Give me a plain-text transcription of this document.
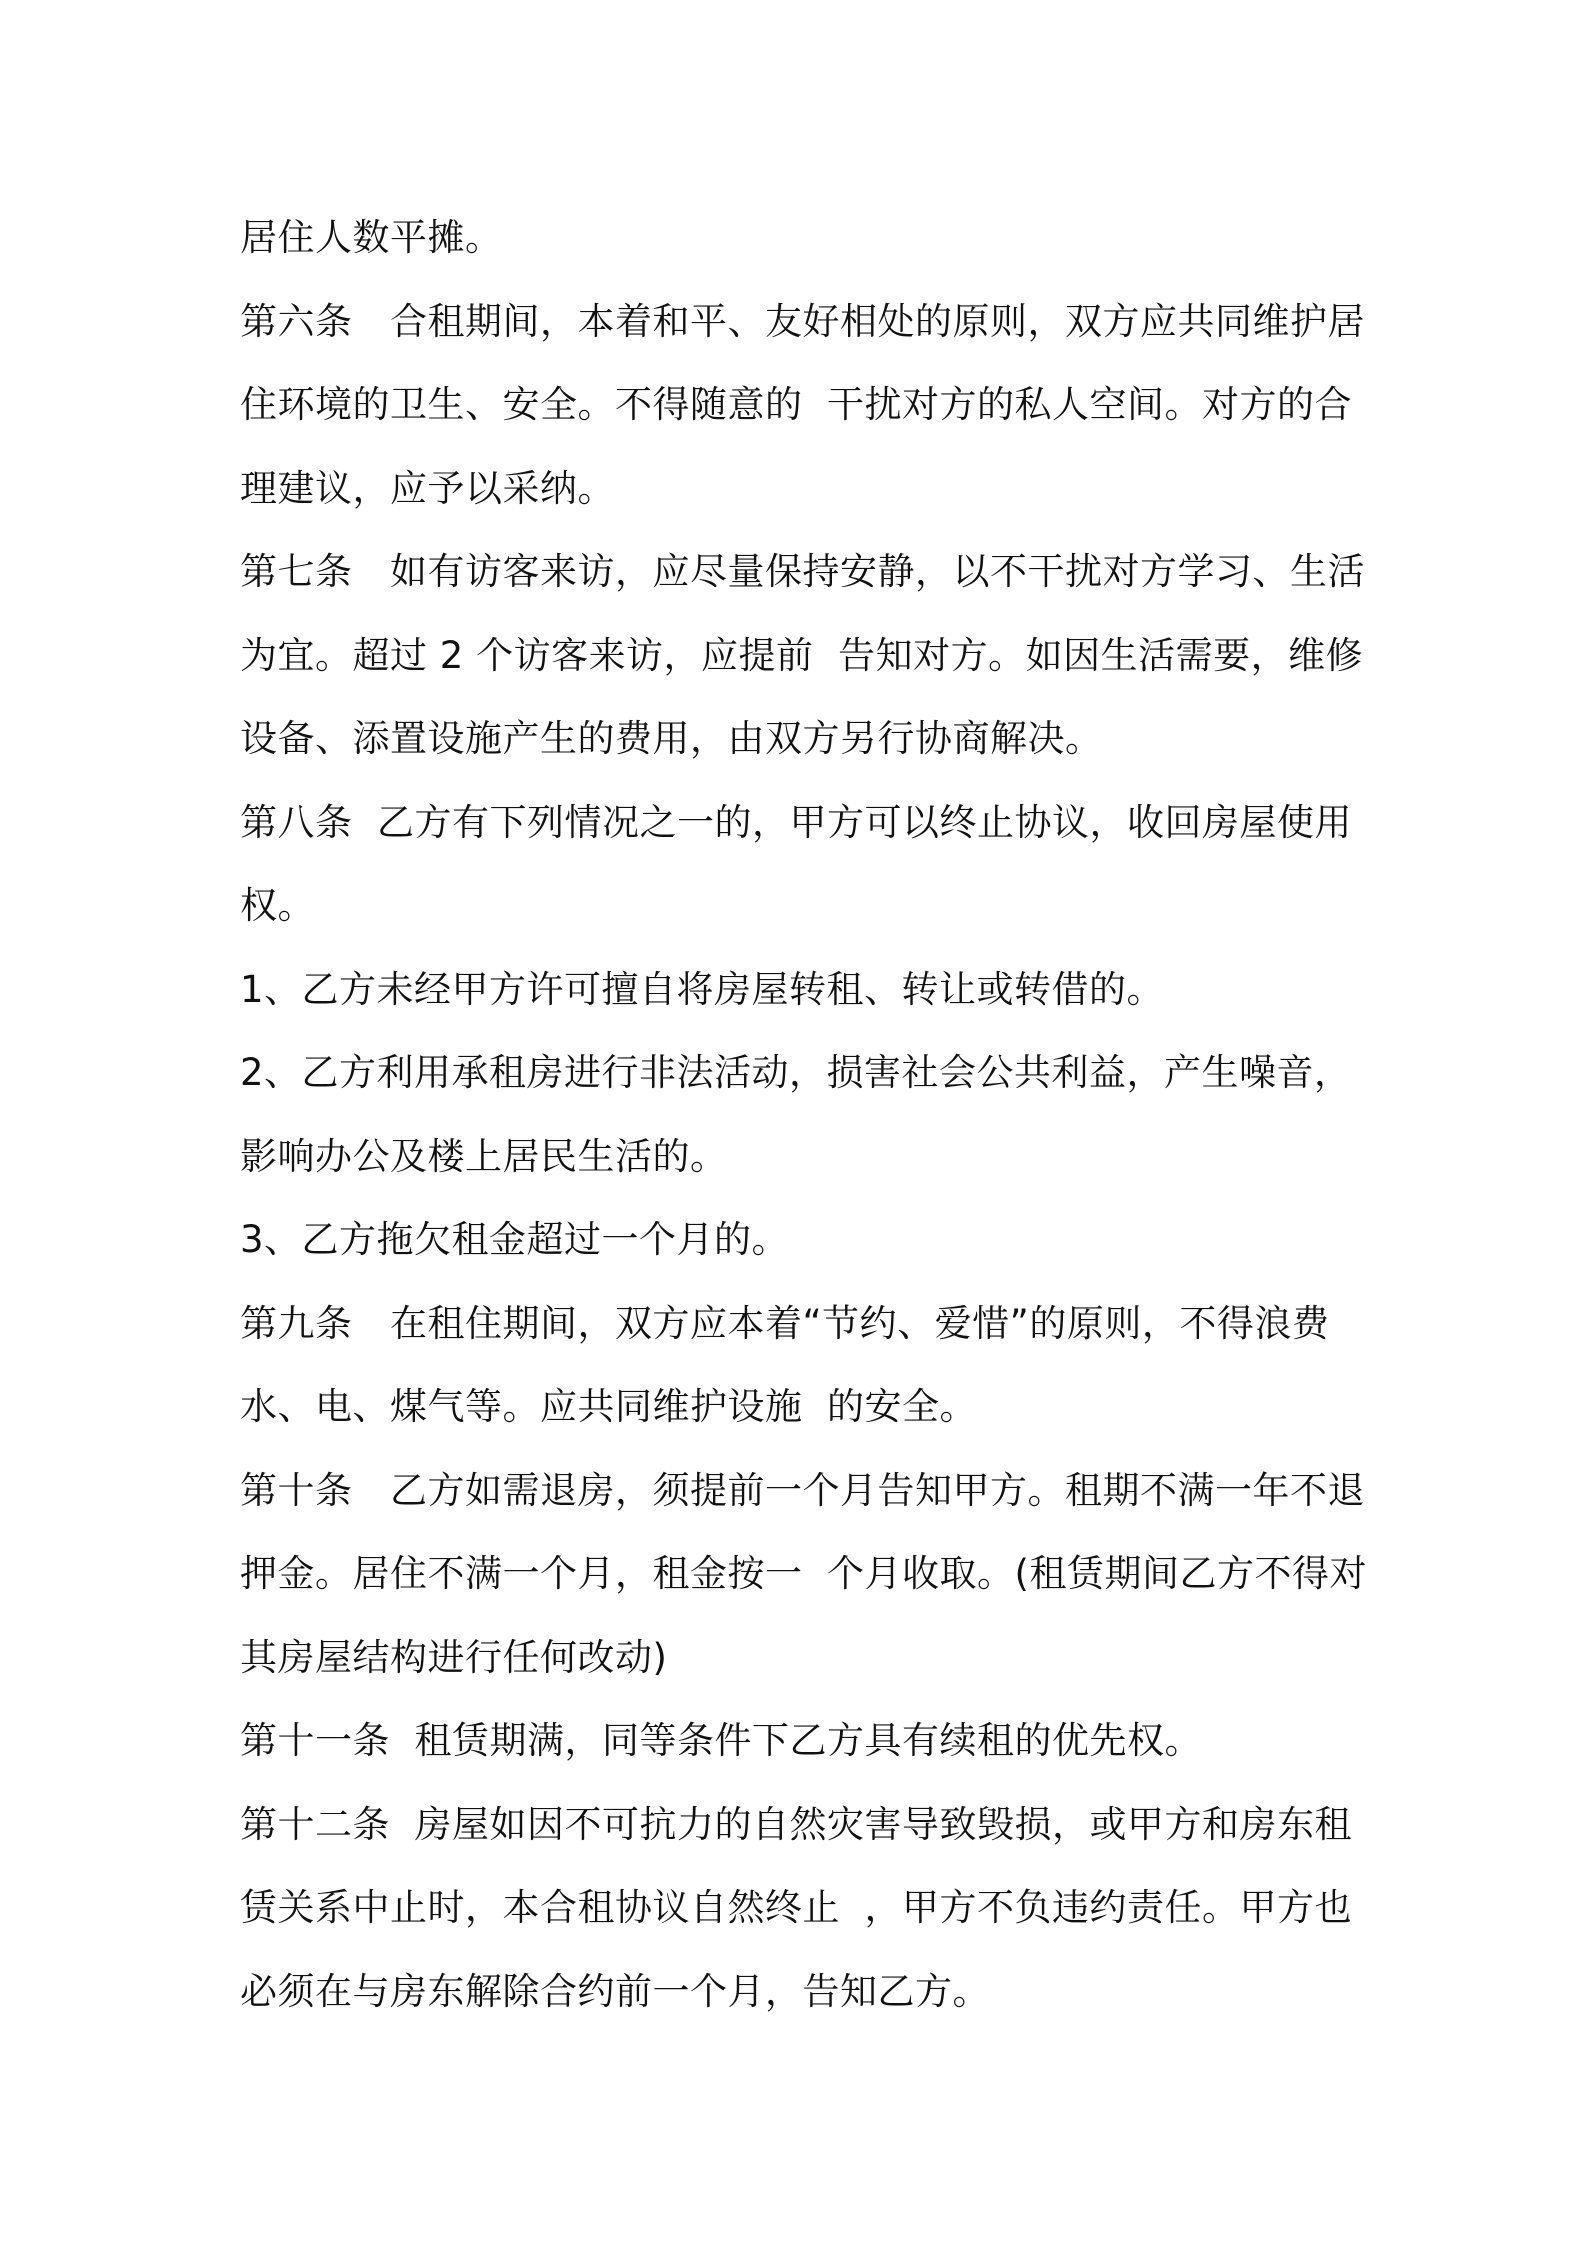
居住人数平摊。
第六条　合租期间，本着和平、友好相处的原则，双方应共同维护居
住环境的卫生、安全。不得随意的  干扰对方的私人空间。对方的合
理建议，应予以采纳。
第七条　如有访客来访，应尽量保持安静，以不干扰对方学习、生活
为宜。超过 2 个访客来访，应提前  告知对方。如因生活需要，维修
设备、添置设施产生的费用，由双方另行协商解决。
第八条  乙方有下列情况之一的，甲方可以终止协议，收回房屋使用
权。
1、乙方未经甲方许可擅自将房屋转租、转让或转借的。
2、乙方利用承租房进行非法活动，损害社会公共利益，产生噪音，
影响办公及楼上居民生活的。
3、乙方拖欠租金超过一个月的。
第九条　在租住期间，双方应本着“节约、爱惜”的原则，不得浪费
水、电、煤气等。应共同维护设施  的安全。
第十条　乙方如需退房，须提前一个月告知甲方。租期不满一年不退
押金。居住不满一个月，租金按一  个月收取。(租赁期间乙方不得对
其房屋结构进行任何改动)
第十一条  租赁期满，同等条件下乙方具有续租的优先权。
第十二条  房屋如因不可抗力的自然灾害导致毁损，或甲方和房东租
赁关系中止时，本合租协议自然终止  ，甲方不负违约责任。甲方也
必须在与房东解除合约前一个月，告知乙方。
